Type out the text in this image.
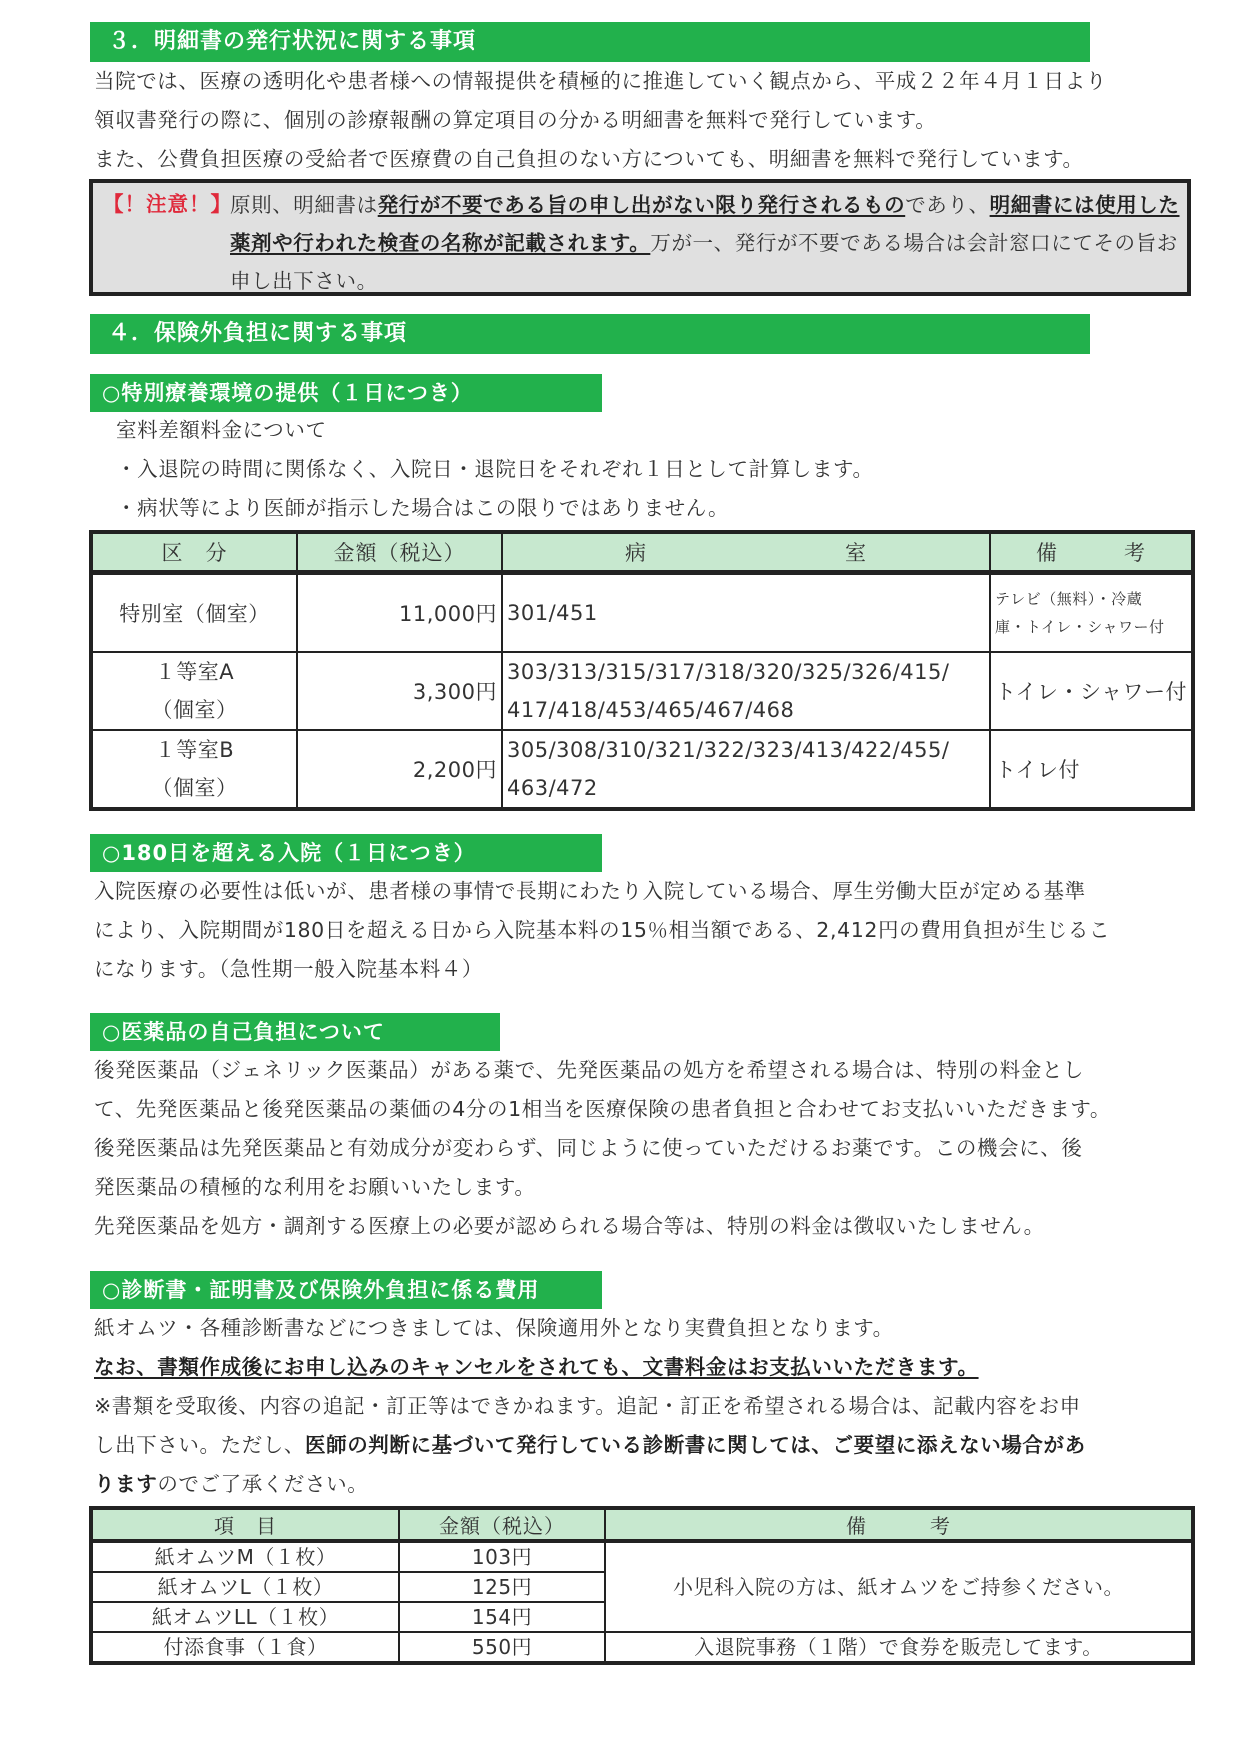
３．明細書の発行状況に関する事項
当院では、医療の透明化や患者様への情報提供を積極的に推進していく観点から、平成２２年４月１日より
領収書発行の際に、個別の診療報酬の算定項目の分かる明細書を無料で発行しています。
また、公費負担医療の受給者で医療費の自己負担のない方についても、明細書を無料で発行しています。
【！注意！】
原則、明細書は発行が不要である旨の申し出がない限り発行されるものであり、明細書には使用した薬剤や行われた検査の名称が記載されます。万が一、発行が不要である場合は会計窓口にてその旨お申し出下さい。
４．保険外負担に関する事項
○特別療養環境の提供（１日につき）
室料差額料金について
・入退院の時間に関係なく、入院日・退院日をそれぞれ１日として計算します。
・病状等により医師が指示した場合はこの限りではありません。
区　分	金額（税込）	病　　　　　　　　　室	備　　　考
特別室（個室）	11,000円	301/451	テレビ（無料）・冷蔵
庫・トイレ・シャワー付

１等室A
（個室）	3,300円	303/313/315/317/318/320/325/326/415/
417/418/453/465/467/468	トイレ・シャワー付

１等室B
（個室）	2,200円	305/308/310/321/322/323/413/422/455/
463/472	トイレ付
○180日を超える入院（１日につき）
入院医療の必要性は低いが、患者様の事情で長期にわたり入院している場合、厚生労働大臣が定める基準
により、入院期間が180日を超える日から入院基本料の15％相当額である、2,412円の費用負担が生じるこ
になります。（急性期一般入院基本料４）
○医薬品の自己負担について
後発医薬品（ジェネリック医薬品）がある薬で、先発医薬品の処方を希望される場合は、特別の料金とし
て、先発医薬品と後発医薬品の薬価の4分の1相当を医療保険の患者負担と合わせてお支払いいただきます。
後発医薬品は先発医薬品と有効成分が変わらず、同じように使っていただけるお薬です。この機会に、後
発医薬品の積極的な利用をお願いいたします。
先発医薬品を処方・調剤する医療上の必要が認められる場合等は、特別の料金は徴収いたしません。
○診断書・証明書及び保険外負担に係る費用
紙オムツ・各種診断書などにつきましては、保険適用外となり実費負担となります。
なお、書類作成後にお申し込みのキャンセルをされても、文書料金はお支払いいただきます。
※書類を受取後、内容の追記・訂正等はできかねます。追記・訂正を希望される場合は、記載内容をお申
し出下さい。ただし、医師の判断に基づいて発行している診断書に関しては、ご要望に添えない場合があ
りますのでご了承ください。
項　目	金額（税込）	備　　　考
紙オムツM（１枚）	103円	小児科入院の方は、紙オムツをご持参ください。
紙オムツL（１枚）	125円	
紙オムツLL（１枚）	154円	
付添食事（１食）	550円	入退院事務（１階）で食券を販売してます。
